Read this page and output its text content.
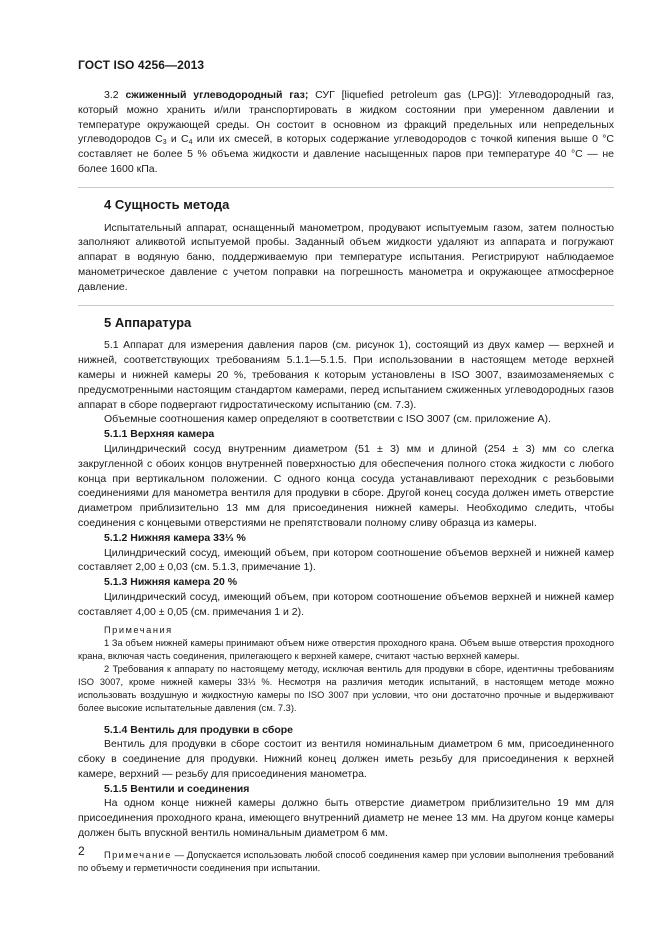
ГОСТ ISO 4256—2013

3.2 сжиженный углеводородный газ; СУГ [liquefied petroleum gas (LPG)]: Углеводородный газ, который можно хранить и/или транспортировать в жидком состоянии при умеренном давлении и температуре окружающей среды. Он состоит в основном из фракций предельных или непредельных углеводородов $С_3$ и $С_4$ или их смесей, в которых содержание углеводородов с точкой кипения выше 0 °С составляет не более 5 % объема жидкости и давление насыщенных паров при температуре 40 °С — не более 1600 кПа.

4 Сущность метода

Испытательный аппарат, оснащенный манометром, продувают испытуемым газом, затем полностью заполняют аликвотой испытуемой пробы. Заданный объем жидкости удаляют из аппарата и погружают аппарат в водяную баню, поддерживаемую при температуре испытания. Регистрируют наблюдаемое манометрическое давление с учетом поправки на погрешность манометра и окружающее атмосферное давление.

5 Аппаратура

5.1 Аппарат для измерения давления паров (см. рисунок 1), состоящий из двух камер — верхней и нижней, соответствующих требованиям 5.1.1—5.1.5. При использовании в настоящем методе верхней камеры и нижней камеры 20 %, требования к которым установлены в ISO 3007, взаимозаменяемых с предусмотренными настоящим стандартом камерами, перед испытанием сжиженных углеводородных газов аппарат в сборе подвергают гидростатическому испытанию (см. 7.3).

Объемные соотношения камер определяют в соответствии с ISO 3007 (см. приложение А).

5.1.1 Верхняя камера

Цилиндрический сосуд внутренним диаметром (51 ± 3) мм и длиной (254 ± 3) мм со слегка закругленной с обоих концов внутренней поверхностью для обеспечения полного стока жидкости с любого конца при вертикальном положении. С одного конца сосуда устанавливают переходник с резьбовыми соединениями для манометра вентиля для продувки в сборе. Другой конец сосуда должен иметь отверстие диаметром приблизительно 13 мм для присоединения нижней камеры. Необходимо следить, чтобы соединения с концевыми отверстиями не препятствовали полному сливу образца из камеры.

5.1.2 Нижняя камера 33⅓ %

Цилиндрический сосуд, имеющий объем, при котором соотношение объемов верхней и нижней камер составляет 2,00 ± 0,03 (см. 5.1.3, примечание 1).

5.1.3 Нижняя камера 20 %

Цилиндрический сосуд, имеющий объем, при котором соотношение объемов верхней и нижней камер составляет 4,00 ± 0,05 (см. примечания 1 и 2).

Примечания

1 За объем нижней камеры принимают объем ниже отверстия проходного крана. Объем выше отверстия проходного крана, включая часть соединения, прилегающего к верхней камере, считают частью верхней камеры.

2 Требования к аппарату по настоящему методу, исключая вентиль для продувки в сборе, идентичны требованиям ISO 3007, кроме нижней камеры 33⅓ %. Несмотря на различия методик испытаний, в настоящем методе можно использовать воздушную и жидкостную камеры по ISO 3007 при условии, что они достаточно прочные и выдерживают более высокие испытательные давления (см. 7.3).

5.1.4 Вентиль для продувки в сборе

Вентиль для продувки в сборе состоит из вентиля номинальным диаметром 6 мм, присоединенного сбоку в соединение для продувки. Нижний конец должен иметь резьбу для присоединения к верхней камере, верхний — резьбу для присоединения манометра.

5.1.5 Вентили и соединения

На одном конце нижней камеры должно быть отверстие диаметром приблизительно 19 мм для присоединения проходного крана, имеющего внутренний диаметр не менее 13 мм. На другом конце камеры должен быть впускной вентиль номинальным диаметром 6 мм.

Примечание — Допускается использовать любой способ соединения камер при условии выполнения требований по объему и герметичности соединения при испытании.

2
